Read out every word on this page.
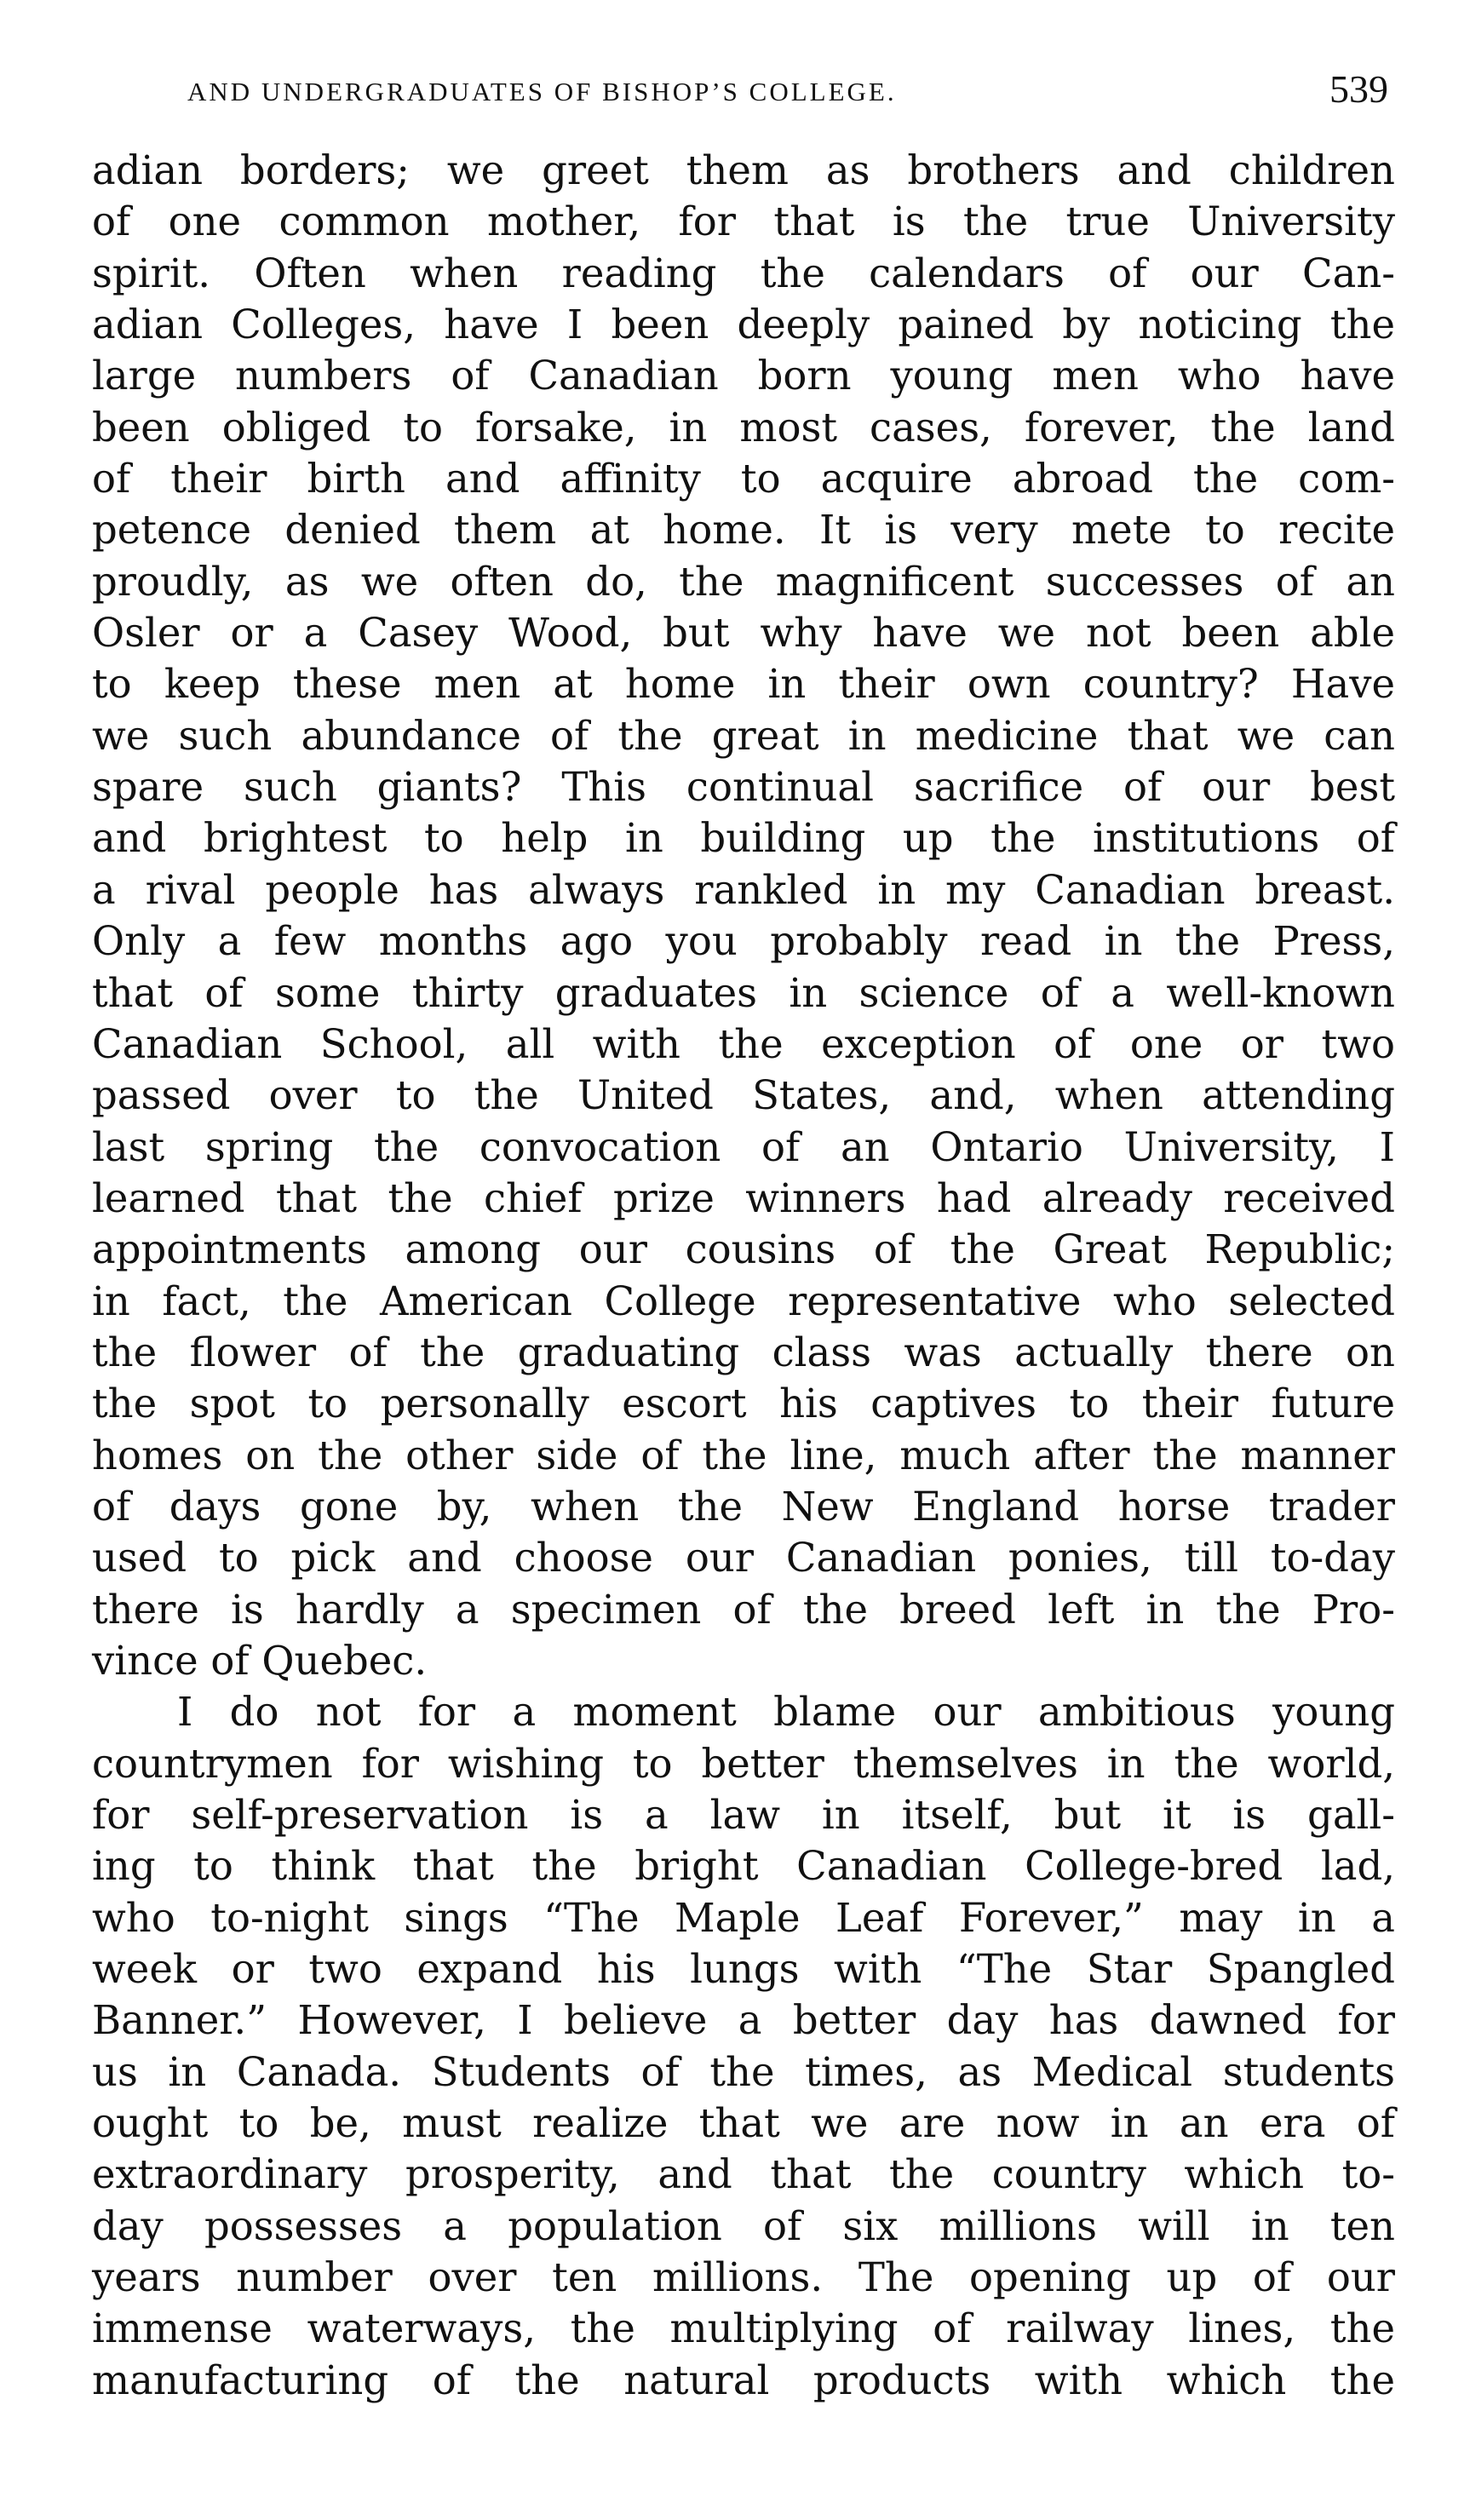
AND UNDERGRADUATES OF BISHOP’S COLLEGE.	539
adian borders; we greet them as brothers and children
of one common mother, for that is the true University
spirit. Often when reading the calendars of our Can-
adian Colleges, have I been deeply pained by noticing the
large numbers of Canadian born young men who have
been obliged to forsake, in most cases, forever, the land
of their birth and affinity to acquire abroad the com-
petence denied them at home. It is very mete to recite
proudly, as we often do, the magnificent successes of an
Osler or a Casey Wood, but why have we not been able
to keep these men at home in their own country? Have
we such abundance of the great in medicine that we can
spare such giants? This continual sacrifice of our best
and brightest to help in building up the institutions of
a rival people has always rankled in my Canadian breast.
Only a few months ago you probably read in the Press,
that of some thirty graduates in science of a well-known
Canadian School, all with the exception of one or two
passed over to the United States, and, when attending
last spring the convocation of an Ontario University, I
learned that the chief prize winners had already received
appointments among our cousins of the Great Republic;
in fact, the American College representative who selected
the flower of the graduating class was actually there on
the spot to personally escort his captives to their future
homes on the other side of the line, much after the manner
of days gone by, when the New England horse trader
used to pick and choose our Canadian ponies, till to-day
there is hardly a specimen of the breed left in the Pro-
vince of Quebec.
I do not for a moment blame our ambitious young
countrymen for wishing to better themselves in the world,
for self-preservation is a law in itself, but it is gall-
ing to think that the bright Canadian College-bred lad,
who to-night sings “The Maple Leaf Forever,” may in a
week or two expand his lungs with “The Star Spangled
Banner.” However, I believe a better day has dawned for
us in Canada. Students of the times, as Medical students
ought to be, must realize that we are now in an era of
extraordinary prosperity, and that the country which to-
day possesses a population of six millions will in ten
years number over ten millions. The opening up of our
immense waterways, the multiplying of railway lines, the
manufacturing of the natural products with which the
